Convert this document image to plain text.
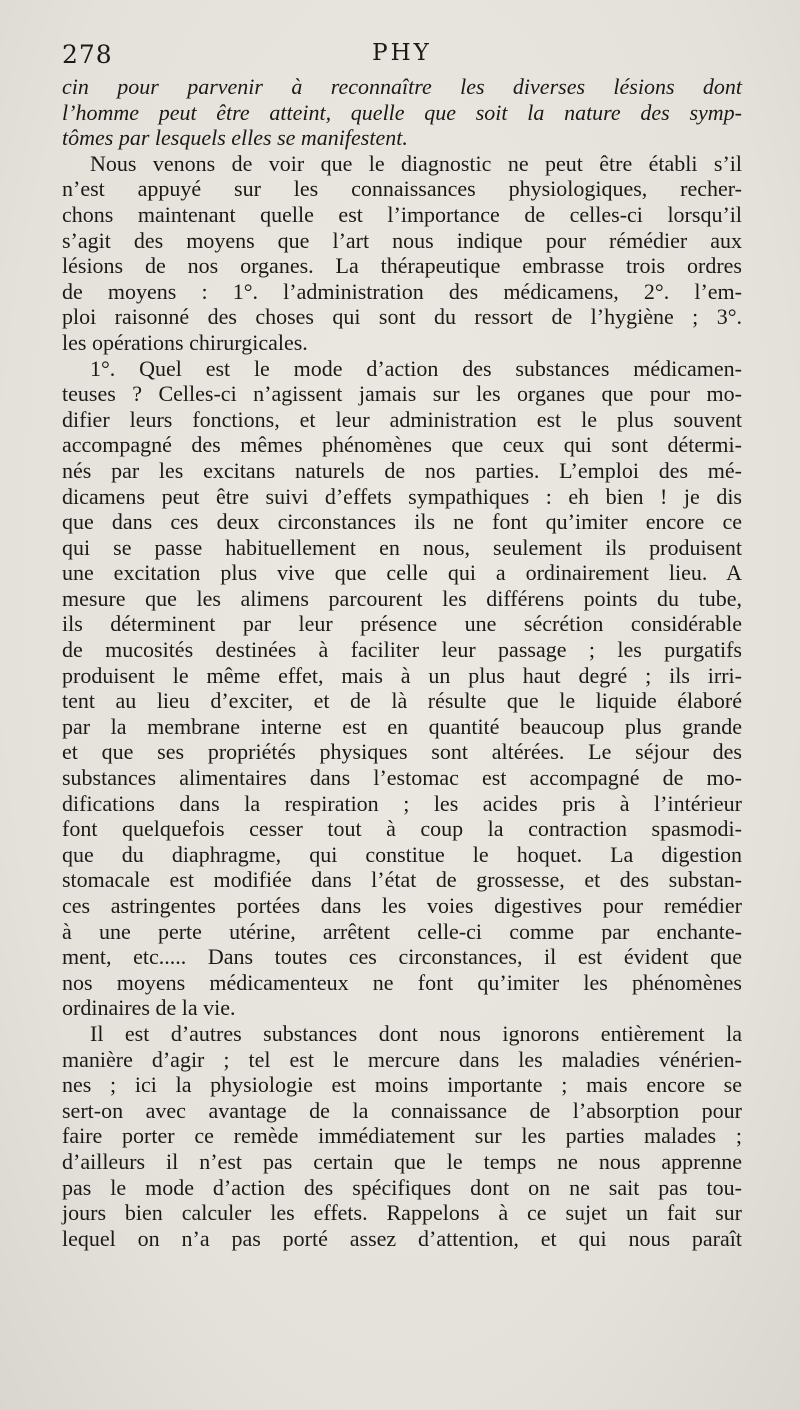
278	PHY
cin pour parvenir à reconnaître les diverses lésions dont
l’homme peut être atteint, quelle que soit la nature des symp-
tômes par lesquels elles se manifestent.
Nous venons de voir que le diagnostic ne peut être établi s’il
n’est appuyé sur les connaissances physiologiques, recher-
chons maintenant quelle est l’importance de celles-ci lorsqu’il
s’agit des moyens que l’art nous indique pour rémédier aux
lésions de nos organes. La thérapeutique embrasse trois ordres
de moyens : 1°. l’administration des médicamens, 2°. l’em-
ploi raisonné des choses qui sont du ressort de l’hygiène ; 3°.
les opérations chirurgicales.
1°. Quel est le mode d’action des substances médicamen-
teuses ? Celles-ci n’agissent jamais sur les organes que pour mo-
difier leurs fonctions, et leur administration est le plus souvent
accompagné des mêmes phénomènes que ceux qui sont détermi-
nés par les excitans naturels de nos parties. L’emploi des mé-
dicamens peut être suivi d’effets sympathiques : eh bien ! je dis
que dans ces deux circonstances ils ne font qu’imiter encore ce
qui se passe habituellement en nous, seulement ils produisent
une excitation plus vive que celle qui a ordinairement lieu. A
mesure que les alimens parcourent les différens points du tube,
ils déterminent par leur présence une sécrétion considérable
de mucosités destinées à faciliter leur passage ; les purgatifs
produisent le même effet, mais à un plus haut degré ; ils irri-
tent au lieu d’exciter, et de là résulte que le liquide élaboré
par la membrane interne est en quantité beaucoup plus grande
et que ses propriétés physiques sont altérées. Le séjour des
substances alimentaires dans l’estomac est accompagné de mo-
difications dans la respiration ; les acides pris à l’intérieur
font quelquefois cesser tout à coup la contraction spasmodi-
que du diaphragme, qui constitue le hoquet. La digestion
stomacale est modifiée dans l’état de grossesse, et des substan-
ces astringentes portées dans les voies digestives pour remédier
à une perte utérine, arrêtent celle-ci comme par enchante-
ment, etc..... Dans toutes ces circonstances, il est évident que
nos moyens médicamenteux ne font qu’imiter les phénomènes
ordinaires de la vie.
Il est d’autres substances dont nous ignorons entièrement la
manière d’agir ; tel est le mercure dans les maladies vénérien-
nes ; ici la physiologie est moins importante ; mais encore se
sert-on avec avantage de la connaissance de l’absorption pour
faire porter ce remède immédiatement sur les parties malades ;
d’ailleurs il n’est pas certain que le temps ne nous apprenne
pas le mode d’action des spécifiques dont on ne sait pas tou-
jours bien calculer les effets. Rappelons à ce sujet un fait sur
lequel on n’a pas porté assez d’attention, et qui nous paraît
